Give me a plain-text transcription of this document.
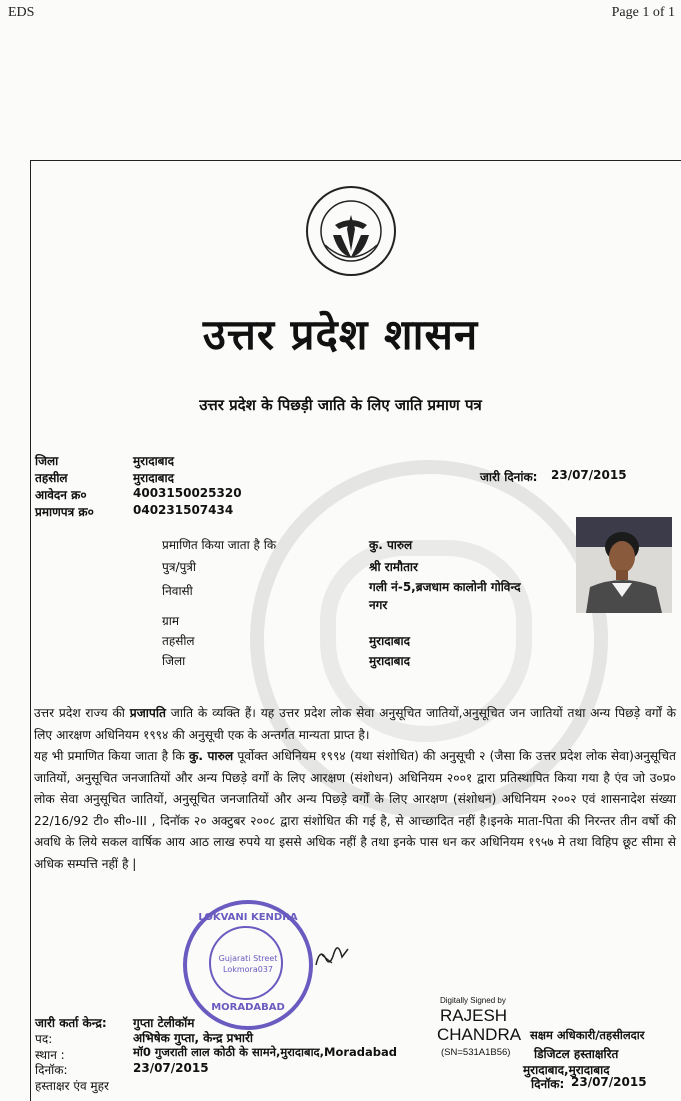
EDS	Page 1 of 1
उत्तर प्रदेश शासन
उत्तर प्रदेश के पिछड़ी जाति के लिए जाति प्रमाण पत्र
जिला	मुरादाबाद
तहसील	मुरादाबाद
आवेदन क्र०	4003150025320
प्रमाणपत्र क्र०	040231507434
जारी दिनांक: 23/07/2015
प्रमाणित किया जाता है कि	कु. पारुल
पुत्र/पुत्री	श्री रामौतार
निवासी	गली नं-5,ब्रजधाम कालोनी गोविन्द
नगर
ग्राम
तहसील	मुरादाबाद
जिला	मुरादाबाद
उत्तर प्रदेश राज्य की प्रजापति जाति के व्यक्ति हैं। यह उत्तर प्रदेश लोक सेवा अनुसूचित जातियों,अनुसूचित जन जातियों तथा अन्य पिछड़े वर्गों के लिए आरक्षण अधिनियम १९९४ की अनुसूची एक के अन्तर्गत मान्यता प्राप्त है।
यह भी प्रमाणित किया जाता है कि कु. पारुल पूर्वोक्त अधिनियम १९९४ (यथा संशोधित) की अनुसूची २ (जैसा कि उत्तर प्रदेश लोक सेवा)अनुसूचित जातियों, अनुसूचित जनजातियों और अन्य पिछड़े वर्गों के लिए आरक्षण (संशोधन) अधिनियम २००१ द्वारा प्रतिस्थापित किया गया है एंव जो उ०प्र० लोक सेवा अनुसूचित जातियों, अनुसूचित जनजातियों और अन्य पिछड़े वर्गों के लिए आरक्षण (संशोधन) अधिनियम २००२ एवं शासनादेश संख्या 22/16/92 टी० सी०-III , दिनॉक २० अक्टुबर २००८ द्वारा संशोधित की गई है, से आच्छादित नहीं है।इनके माता-पिता की निरन्तर तीन वर्षो की अवधि के लिये सकल वार्षिक आय आठ लाख रुपये या इससे अधिक नहीं है तथा इनके पास धन कर अधिनियम १९५७ मे तथा विहिप छूट सीमा से अधिक सम्पत्ति नहीं है |
LOKVANI KENDRA
Gujarati Street
Lokmora037
MORADABAD
जारी कर्ता केन्द्र: गुप्ता टेलीकॉम
पद:	अभिषेक गुप्ता, केन्द्र प्रभारी
स्थान :	मॉ0 गुजराती लाल कोठी के सामने,मुरादाबाद,Moradabad
दिनॉक:	23/07/2015
हस्ताक्षर एंव मुहर
Digitally Signed by
RAJESH
CHANDRA
(SN=531A1B56)
सक्षम अधिकारी/तहसीलदार
डिजिटल हस्ताक्षरित
मुरादाबाद,मुरादाबाद
दिनॉक: 23/07/2015
